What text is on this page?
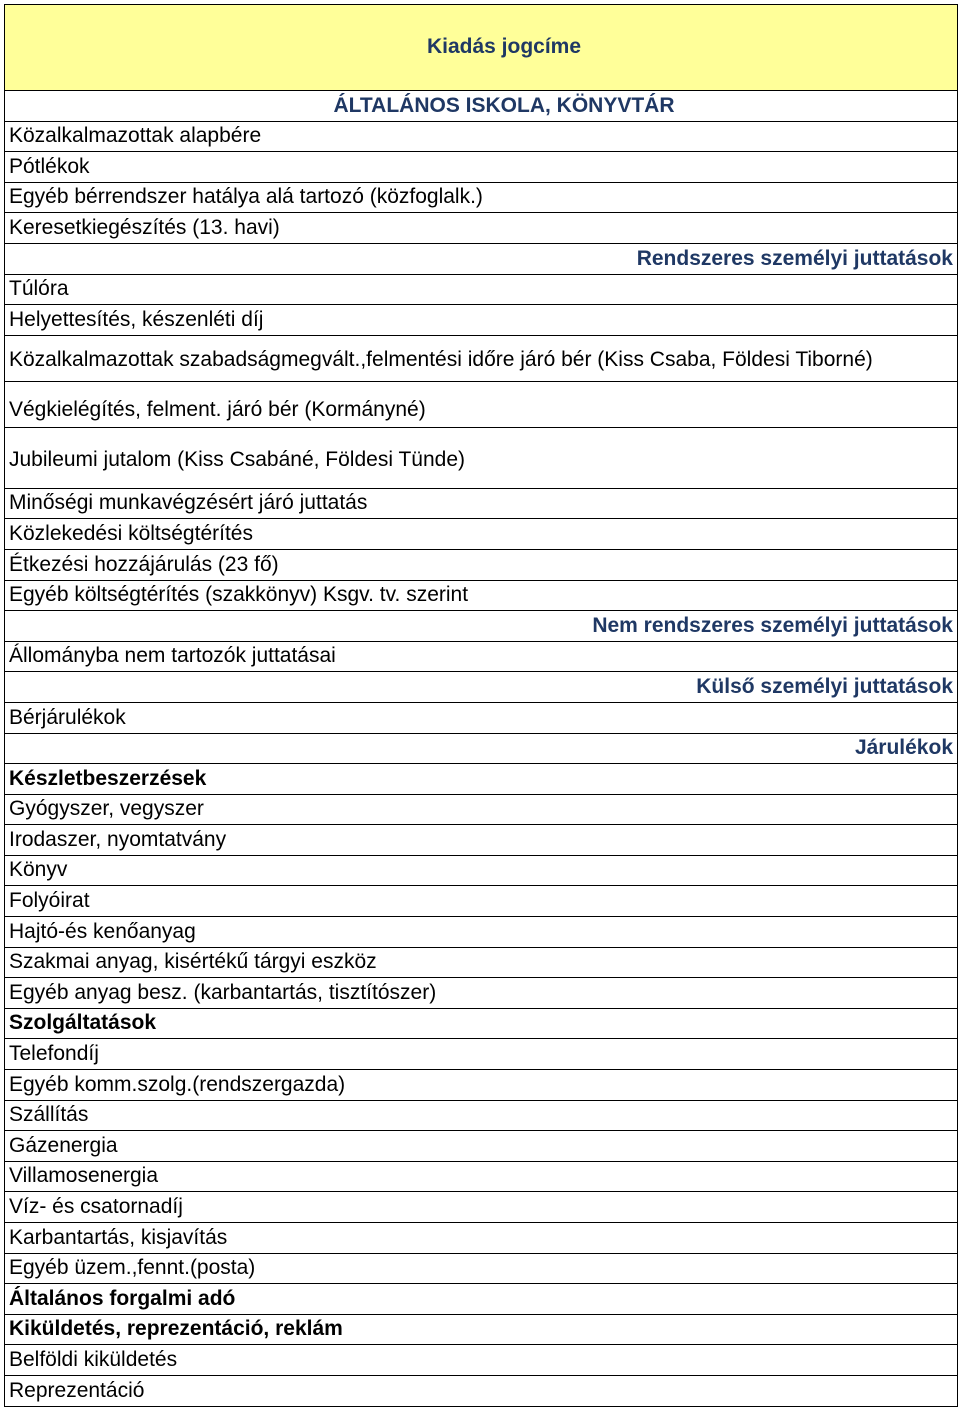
Kiadás jogcíme
ÁLTALÁNOS ISKOLA, KÖNYVTÁR
Közalkalmazottak alapbére
Pótlékok
Egyéb bérrendszer hatálya alá tartozó (közfoglalk.)
Keresetkiegészítés (13. havi)
Rendszeres személyi juttatások
Túlóra
Helyettesítés, készenléti díj
Közalkalmazottak szabadságmegvált.,felmentési időre járó bér (Kiss Csaba, Földesi Tiborné)
Végkielégítés, felment. járó bér (Kormányné)
Jubileumi jutalom (Kiss Csabáné, Földesi Tünde)
Minőségi munkavégzésért járó juttatás
Közlekedési költségtérítés
Étkezési hozzájárulás (23 fő)
Egyéb költségtérítés (szakkönyv) Ksgv. tv. szerint
Nem rendszeres személyi juttatások
Állományba nem tartozók juttatásai
Külső személyi juttatások
Bérjárulékok
Járulékok
Készletbeszerzések
Gyógyszer, vegyszer
Irodaszer, nyomtatvány
Könyv
Folyóirat
Hajtó-és kenőanyag
Szakmai anyag, kisértékű tárgyi eszköz
Egyéb anyag besz. (karbantartás, tisztítószer)
Szolgáltatások
Telefondíj
Egyéb komm.szolg.(rendszergazda)
Szállítás
Gázenergia
Villamosenergia
Víz- és csatornadíj
Karbantartás, kisjavítás
Egyéb üzem.,fennt.(posta)
Általános forgalmi adó
Kiküldetés, reprezentáció, reklám
Belföldi kiküldetés
Reprezentáció
